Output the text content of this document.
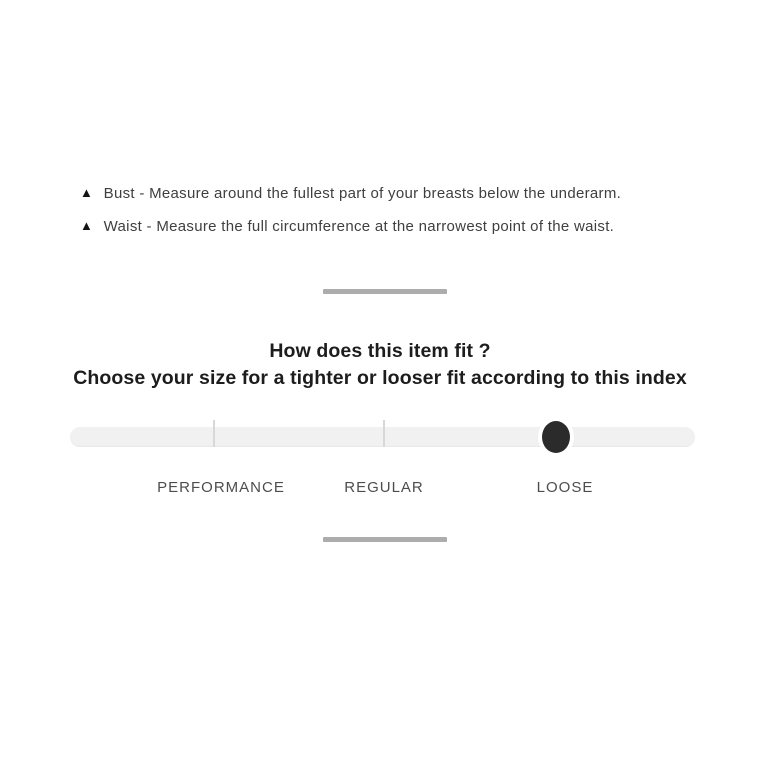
▲ Bust - Measure around the fullest part of your breasts below the underarm.
▲ Waist - Measure the full circumference at the narrowest point of the waist.
How does this item fit ?
Choose your size for a tighter or looser fit according to this index
PERFORMANCE	REGULAR	LOOSE
